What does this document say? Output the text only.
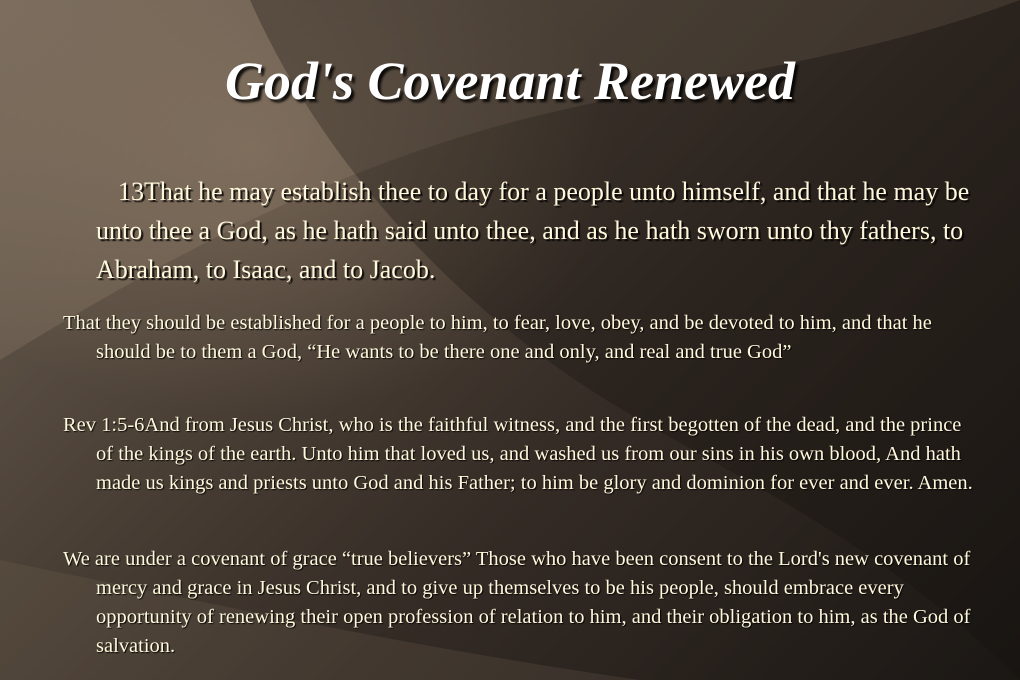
God's Covenant Renewed
13That he may establish thee to day for a people unto himself, and that he may be unto thee a God, as he hath said unto thee, and as he hath sworn unto thy fathers, to Abraham, to Isaac, and to Jacob.
That they should be established for a people to him, to fear, love, obey, and be devoted to him, and that he should be to them a God, “He wants to be there one and only, and real and true God”
Rev 1:5-6And from Jesus Christ, who is the faithful witness, and the first begotten of the dead, and the prince of the kings of the earth. Unto him that loved us, and washed us from our sins in his own blood, And hath made us kings and priests unto God and his Father; to him be glory and dominion for ever and ever. Amen.
We are under a covenant of grace “true believers” Those who have been consent to the Lord's new covenant of mercy and grace in Jesus Christ, and to give up themselves to be his people, should embrace every opportunity of renewing their open profession of relation to him, and their obligation to him, as the God of salvation.
